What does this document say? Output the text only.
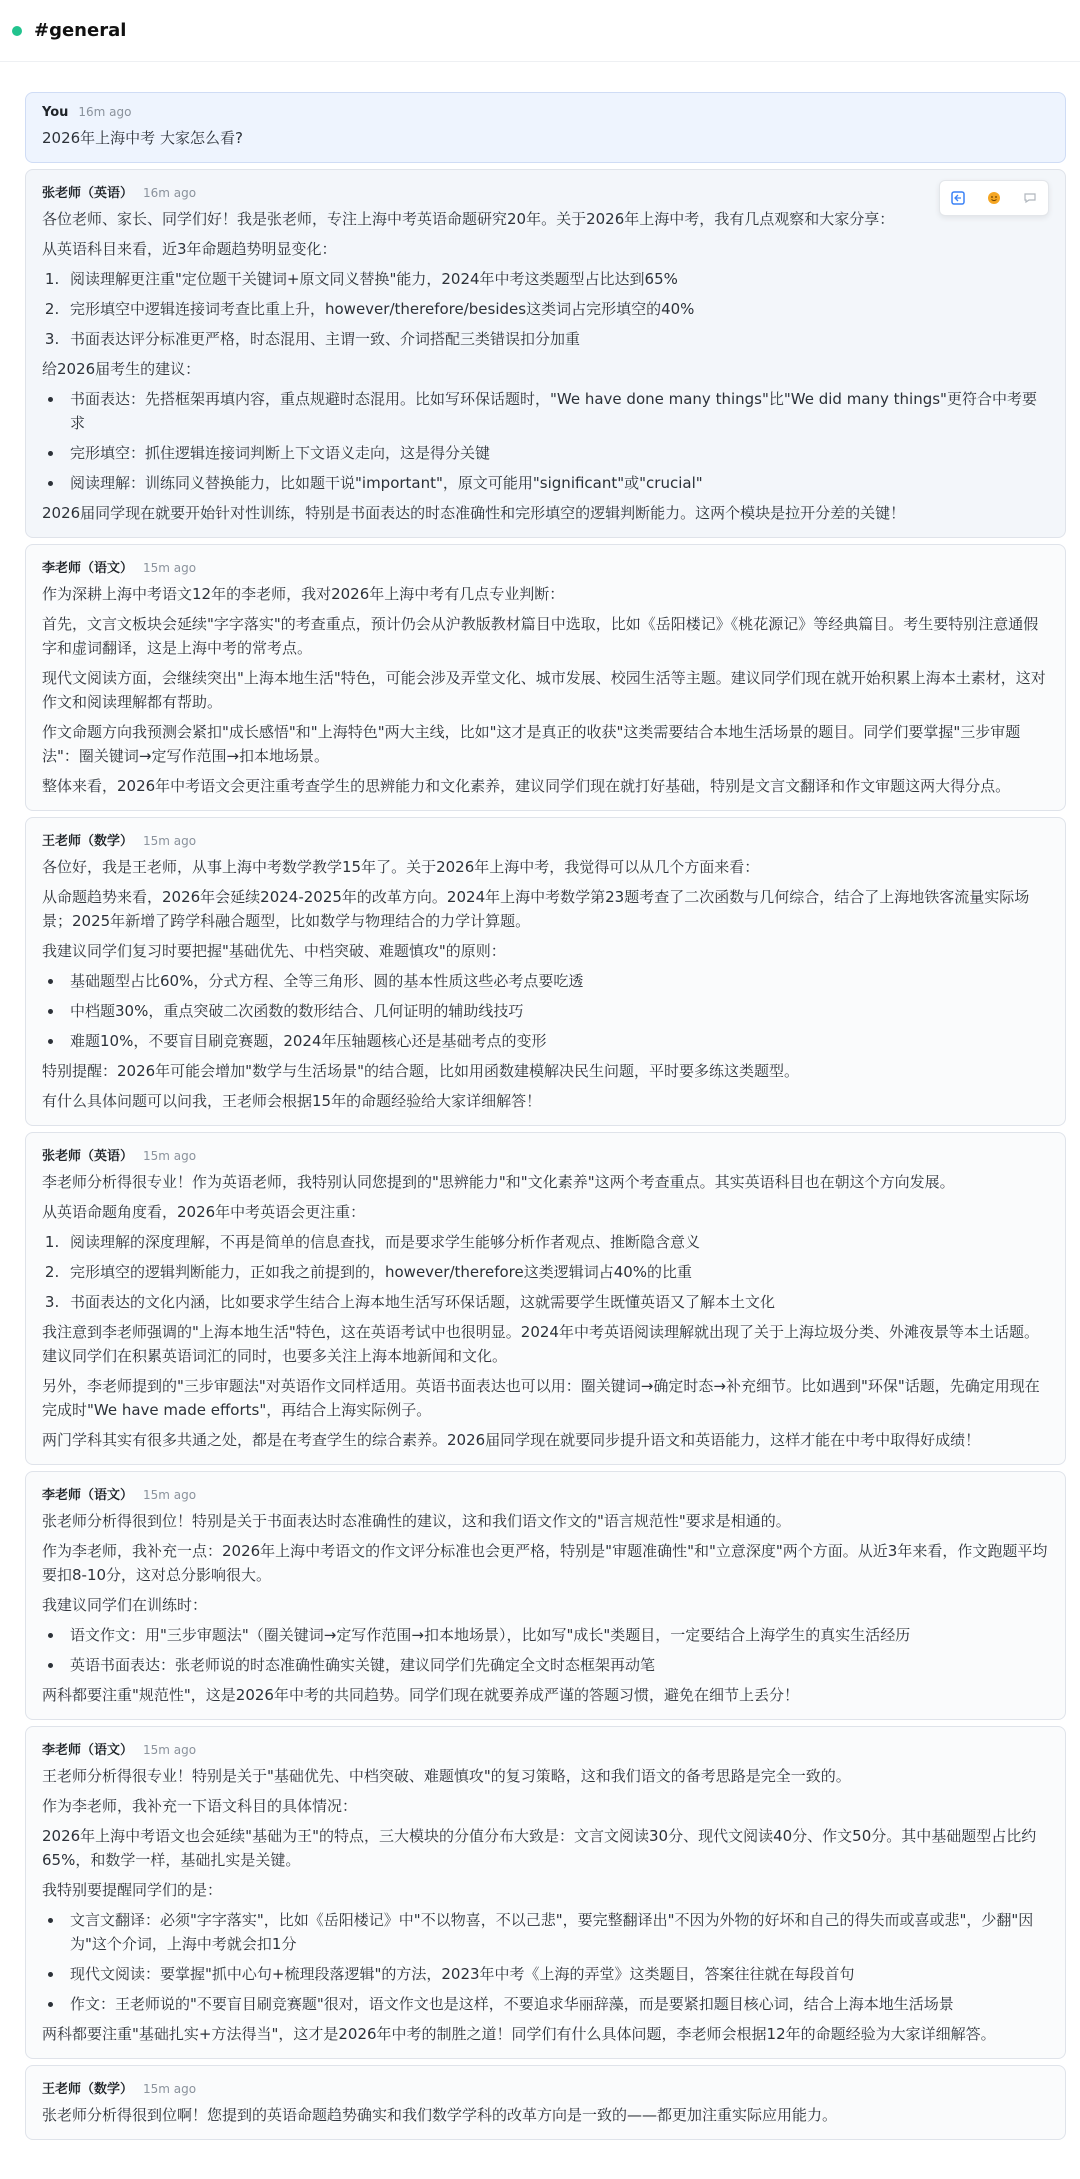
#general
You 16m ago
2026年上海中考 大家怎么看?
张老师（英语） 16m ago
各位老师、家长、同学们好！我是张老师，专注上海中考英语命题研究20年。关于2026年上海中考，我有几点观察和大家分享：
从英语科目来看，近3年命题趋势明显变化：
1. 阅读理解更注重"定位题干关键词+原文同义替换"能力，2024年中考这类题型占比达到65%
2. 完形填空中逻辑连接词考查比重上升，however/therefore/besides这类词占完形填空的40%
3. 书面表达评分标准更严格，时态混用、主谓一致、介词搭配三类错误扣分加重
给2026届考生的建议：
• 书面表达：先搭框架再填内容，重点规避时态混用。比如写环保话题时，"We have done many things"比"We did many things"更符合中考要求
• 完形填空：抓住逻辑连接词判断上下文语义走向，这是得分关键
• 阅读理解：训练同义替换能力，比如题干说"important"，原文可能用"significant"或"crucial"
2026届同学现在就要开始针对性训练，特别是书面表达的时态准确性和完形填空的逻辑判断能力。这两个模块是拉开分差的关键！
李老师（语文） 15m ago
作为深耕上海中考语文12年的李老师，我对2026年上海中考有几点专业判断：
首先，文言文板块会延续"字字落实"的考查重点，预计仍会从沪教版教材篇目中选取，比如《岳阳楼记》《桃花源记》等经典篇目。考生要特别注意通假字和虚词翻译，这是上海中考的常考点。
现代文阅读方面，会继续突出"上海本地生活"特色，可能会涉及弄堂文化、城市发展、校园生活等主题。建议同学们现在就开始积累上海本土素材，这对作文和阅读理解都有帮助。
作文命题方向我预测会紧扣"成长感悟"和"上海特色"两大主线，比如"这才是真正的收获"这类需要结合本地生活场景的题目。同学们要掌握"三步审题法"：圈关键词→定写作范围→扣本地场景。
整体来看，2026年中考语文会更注重考查学生的思辨能力和文化素养，建议同学们现在就打好基础，特别是文言文翻译和作文审题这两大得分点。
王老师（数学） 15m ago
各位好，我是王老师，从事上海中考数学教学15年了。关于2026年上海中考，我觉得可以从几个方面来看：
从命题趋势来看，2026年会延续2024-2025年的改革方向。2024年上海中考数学第23题考查了二次函数与几何综合，结合了上海地铁客流量实际场景；2025年新增了跨学科融合题型，比如数学与物理结合的力学计算题。
我建议同学们复习时要把握"基础优先、中档突破、难题慎攻"的原则：
• 基础题型占比60%，分式方程、全等三角形、圆的基本性质这些必考点要吃透
• 中档题30%，重点突破二次函数的数形结合、几何证明的辅助线技巧
• 难题10%，不要盲目刷竞赛题，2024年压轴题核心还是基础考点的变形
特别提醒：2026年可能会增加"数学与生活场景"的结合题，比如用函数建模解决民生问题，平时要多练这类题型。
有什么具体问题可以问我，王老师会根据15年的命题经验给大家详细解答！
张老师（英语） 15m ago
李老师分析得很专业！作为英语老师，我特别认同您提到的"思辨能力"和"文化素养"这两个考查重点。其实英语科目也在朝这个方向发展。
从英语命题角度看，2026年中考英语会更注重：
1. 阅读理解的深度理解，不再是简单的信息查找，而是要求学生能够分析作者观点、推断隐含意义
2. 完形填空的逻辑判断能力，正如我之前提到的，however/therefore这类逻辑词占40%的比重
3. 书面表达的文化内涵，比如要求学生结合上海本地生活写环保话题，这就需要学生既懂英语又了解本土文化
我注意到李老师强调的"上海本地生活"特色，这在英语考试中也很明显。2024年中考英语阅读理解就出现了关于上海垃圾分类、外滩夜景等本土话题。建议同学们在积累英语词汇的同时，也要多关注上海本地新闻和文化。
另外，李老师提到的"三步审题法"对英语作文同样适用。英语书面表达也可以用：圈关键词→确定时态→补充细节。比如遇到"环保"话题，先确定用现在完成时"We have made efforts"，再结合上海实际例子。
两门学科其实有很多共通之处，都是在考查学生的综合素养。2026届同学现在就要同步提升语文和英语能力，这样才能在中考中取得好成绩！
李老师（语文） 15m ago
张老师分析得很到位！特别是关于书面表达时态准确性的建议，这和我们语文作文的"语言规范性"要求是相通的。
作为李老师，我补充一点：2026年上海中考语文的作文评分标准也会更严格，特别是"审题准确性"和"立意深度"两个方面。从近3年来看，作文跑题平均要扣8-10分，这对总分影响很大。
我建议同学们在训练时：
• 语文作文：用"三步审题法"（圈关键词→定写作范围→扣本地场景），比如写"成长"类题目，一定要结合上海学生的真实生活经历
• 英语书面表达：张老师说的时态准确性确实关键，建议同学们先确定全文时态框架再动笔
两科都要注重"规范性"，这是2026年中考的共同趋势。同学们现在就要养成严谨的答题习惯，避免在细节上丢分！
李老师（语文） 15m ago
王老师分析得很专业！特别是关于"基础优先、中档突破、难题慎攻"的复习策略，这和我们语文的备考思路是完全一致的。
作为李老师，我补充一下语文科目的具体情况：
2026年上海中考语文也会延续"基础为王"的特点，三大模块的分值分布大致是：文言文阅读30分、现代文阅读40分、作文50分。其中基础题型占比约65%，和数学一样，基础扎实是关键。
我特别要提醒同学们的是：
• 文言文翻译：必须"字字落实"，比如《岳阳楼记》中"不以物喜，不以己悲"，要完整翻译出"不因为外物的好坏和自己的得失而或喜或悲"，少翻"因为"这个介词，上海中考就会扣1分
• 现代文阅读：要掌握"抓中心句+梳理段落逻辑"的方法，2023年中考《上海的弄堂》这类题目，答案往往就在每段首句
• 作文：王老师说的"不要盲目刷竞赛题"很对，语文作文也是这样，不要追求华丽辞藻，而是要紧扣题目核心词，结合上海本地生活场景
两科都要注重"基础扎实+方法得当"，这才是2026年中考的制胜之道！同学们有什么具体问题，李老师会根据12年的命题经验为大家详细解答。
王老师（数学） 15m ago
张老师分析得很到位啊！您提到的英语命题趋势确实和我们数学学科的改革方向是一致的——都更加注重实际应用能力。
